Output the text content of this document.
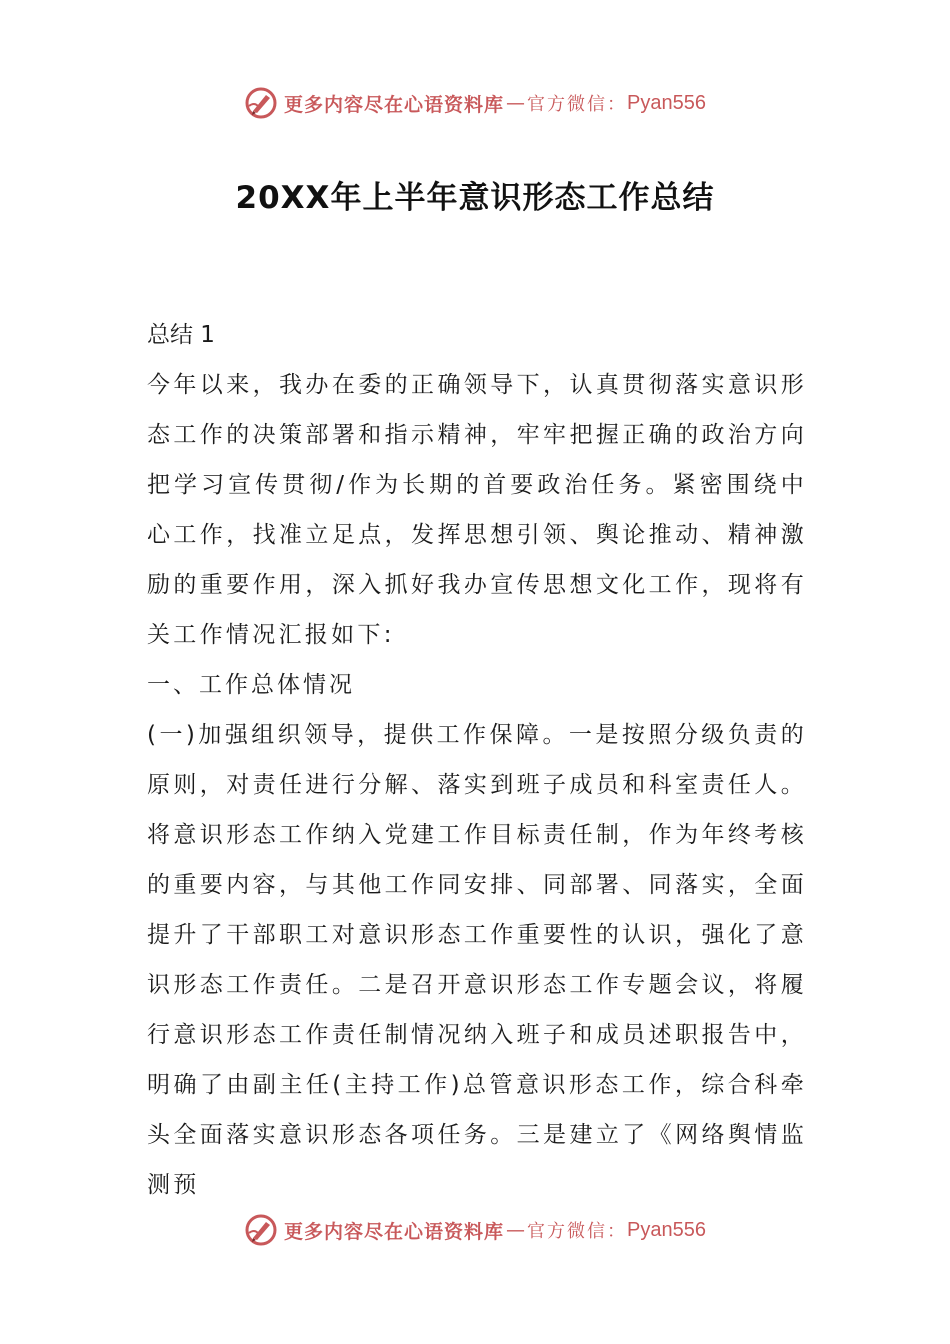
更多内容尽在心语资料库 — 官方微信： Pyan556
20XX年上半年意识形态工作总结
总结 1
今年以来，我办在委的正确领导下，认真贯彻落实意识形态工作的决策部署和指示精神，牢牢把握正确的政治方向把学习宣传贯彻/作为长期的首要政治任务。紧密围绕中心工作，找准立足点，发挥思想引领、舆论推动、精神激励的重要作用，深入抓好我办宣传思想文化工作，现将有关工作情况汇报如下:
一、工作总体情况
(一)加强组织领导，提供工作保障。一是按照分级负责的原则，对责任进行分解、落实到班子成员和科室责任人。将意识形态工作纳入党建工作目标责任制，作为年终考核的重要内容，与其他工作同安排、同部署、同落实，全面提升了干部职工对意识形态工作重要性的认识，强化了意识形态工作责任。二是召开意识形态工作专题会议，将履行意识形态工作责任制情况纳入班子和成员述职报告中，明确了由副主任(主持工作)总管意识形态工作，综合科牵头全面落实意识形态各项任务。三是建立了《网络舆情监测预
更多内容尽在心语资料库 — 官方微信： Pyan556
